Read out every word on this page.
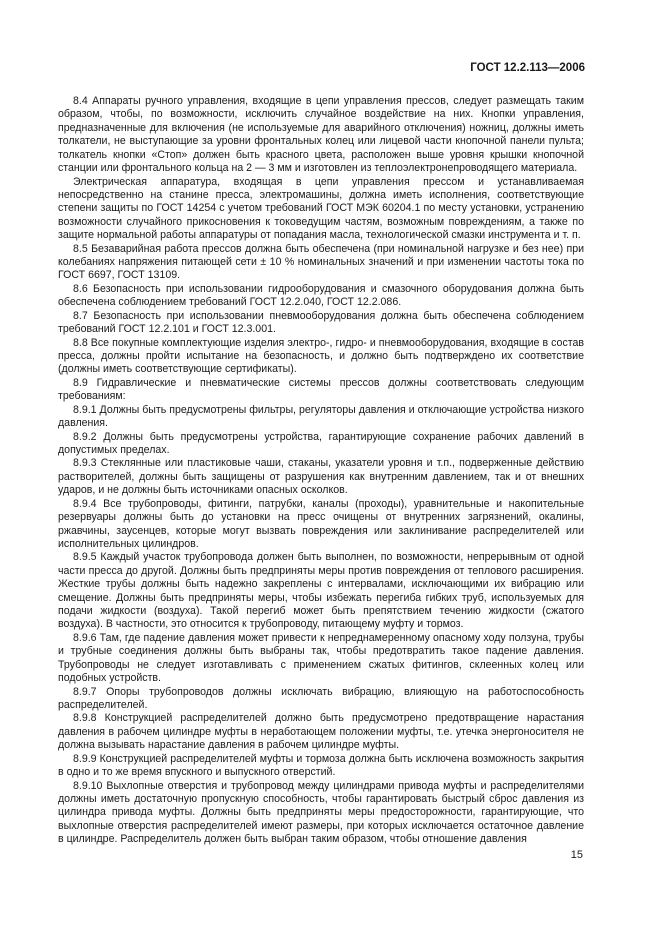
ГОСТ 12.2.113—2006

8.4 Аппараты ручного управления, входящие в цепи управления прессов, следует размещать таким образом, чтобы, по возможности, исключить случайное воздействие на них. Кнопки управления, предназначенные для включения (не используемые для аварийного отключения) ножниц, должны иметь толкатели, не выступающие за уровни фронтальных колец или лицевой части кнопочной панели пульта; толкатель кнопки «Стоп» должен быть красного цвета, расположен выше уровня крышки кнопочной станции или фронтального кольца на 2 — 3 мм и изготовлен из теплоэлектронепроводящего материала.

Электрическая аппаратура, входящая в цепи управления прессом и устанавливаемая непосредственно на станине пресса, электромашины, должна иметь исполнения, соответствующие степени защиты по ГОСТ 14254 с учетом требований ГОСТ МЭК 60204.1 по месту установки, устранению возможности случайного прикосновения к токоведущим частям, возможным повреждениям, а также по защите нормальной работы аппаратуры от попадания масла, технологической смазки инструмента и т. п.

8.5 Безаварийная работа прессов должна быть обеспечена (при номинальной нагрузке и без нее) при колебаниях напряжения питающей сети ± 10 % номинальных значений и при изменении частоты тока по ГОСТ 6697, ГОСТ 13109.

8.6 Безопасность при использовании гидрооборудования и смазочного оборудования должна быть обеспечена соблюдением требований ГОСТ 12.2.040, ГОСТ 12.2.086.

8.7 Безопасность при использовании пневмооборудования должна быть обеспечена соблюдением требований ГОСТ 12.2.101 и ГОСТ 12.3.001.

8.8 Все покупные комплектующие изделия электро-, гидро- и пневмооборудования, входящие в состав пресса, должны пройти испытание на безопасность, и должно быть подтверждено их соответствие (должны иметь соответствующие сертификаты).

8.9 Гидравлические и пневматические системы прессов должны соответствовать следующим требованиям:

8.9.1 Должны быть предусмотрены фильтры, регуляторы давления и отключающие устройства низкого давления.

8.9.2 Должны быть предусмотрены устройства, гарантирующие сохранение рабочих давлений в допустимых пределах.

8.9.3 Стеклянные или пластиковые чаши, стаканы, указатели уровня и т.п., подверженные действию растворителей, должны быть защищены от разрушения как внутренним давлением, так и от внешних ударов, и не должны быть источниками опасных осколков.

8.9.4 Все трубопроводы, фитинги, патрубки, каналы (проходы), уравнительные и накопительные резервуары должны быть до установки на пресс очищены от внутренних загрязнений, окалины, ржавчины, заусенцев, которые могут вызвать повреждения или заклинивание распределителей или исполнительных цилиндров.

8.9.5 Каждый участок трубопровода должен быть выполнен, по возможности, непрерывным от одной части пресса до другой. Должны быть предприняты меры против повреждения от теплового расширения. Жесткие трубы должны быть надежно закреплены с интервалами, исключающими их вибрацию или смещение. Должны быть предприняты меры, чтобы избежать перегиба гибких труб, используемых для подачи жидкости (воздуха). Такой перегиб может быть препятствием течению жидкости (сжатого воздуха). В частности, это относится к трубопроводу, питающему муфту и тормоз.

8.9.6 Там, где падение давления может привести к непреднамеренному опасному ходу ползуна, трубы и трубные соединения должны быть выбраны так, чтобы предотвратить такое падение давления. Трубопроводы не следует изготавливать с применением сжатых фитингов, склеенных колец или подобных устройств.

8.9.7 Опоры трубопроводов должны исключать вибрацию, влияющую на работоспособность распределителей.

8.9.8 Конструкцией распределителей должно быть предусмотрено предотвращение нарастания давления в рабочем цилиндре муфты в неработающем положении муфты, т.е. утечка энергоносителя не должна вызывать нарастание давления в рабочем цилиндре муфты.

8.9.9 Конструкцией распределителей муфты и тормоза должна быть исключена возможность закрытия в одно и то же время впускного и выпускного отверстий.

8.9.10 Выхлопные отверстия и трубопровод между цилиндрами привода муфты и распределителями должны иметь достаточную пропускную способность, чтобы гарантировать быстрый сброс давления из цилиндра привода муфты. Должны быть предприняты меры предосторожности, гарантирующие, что выхлопные отверстия распределителей имеют размеры, при которых исключается остаточное давление в цилиндре. Распределитель должен быть выбран таким образом, чтобы отношение давления

15
